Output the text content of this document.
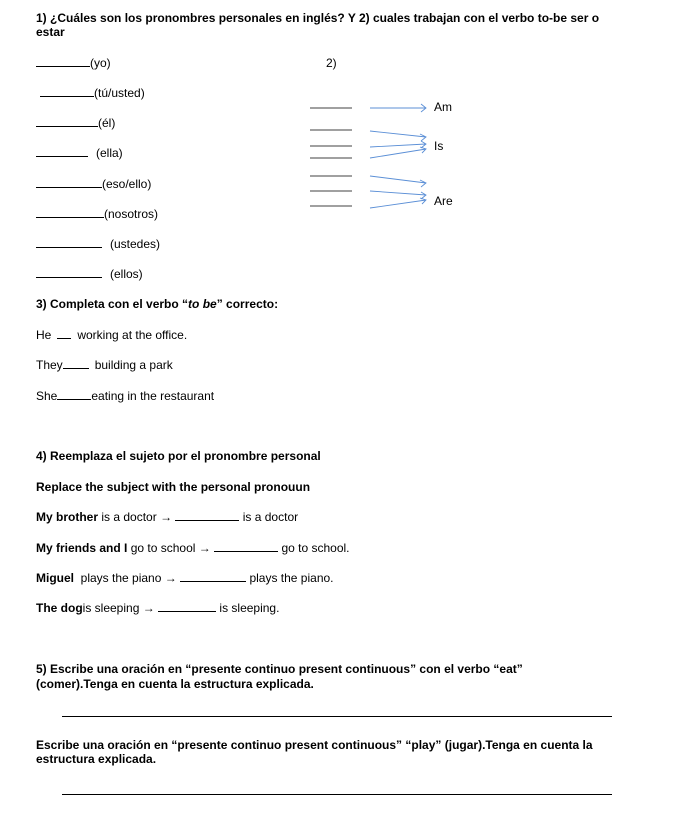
1) ¿Cuáles son los pronombres personales en inglés? Y 2) cuales trabajan con el verbo to-be ser o
estar
(yo)
(tú/usted)
(él)
(ella)
(eso/ello)
(nosotros)
(ustedes)
(ellos)
2)
Am
Is
Are
3) Completa con el verbo “to be” correcto:
He working at the office.
They	building a park
She	eating in the restaurant
4) Reemplaza el sujeto por el pronombre personal
Replace the subject with the personal pronouun
My brother is a doctor →	is a doctor
My friends and I go to school →	go to school.
Miguel plays the piano →	plays the piano.
The dogis sleeping →	is sleeping.
5) Escribe una oración en “presente continuo present continuous” con el verbo “eat”
(comer).Tenga en cuenta la estructura explicada.
Escribe una oración en “presente continuo present continuous” “play” (jugar).Tenga en cuenta la
estructura explicada.
